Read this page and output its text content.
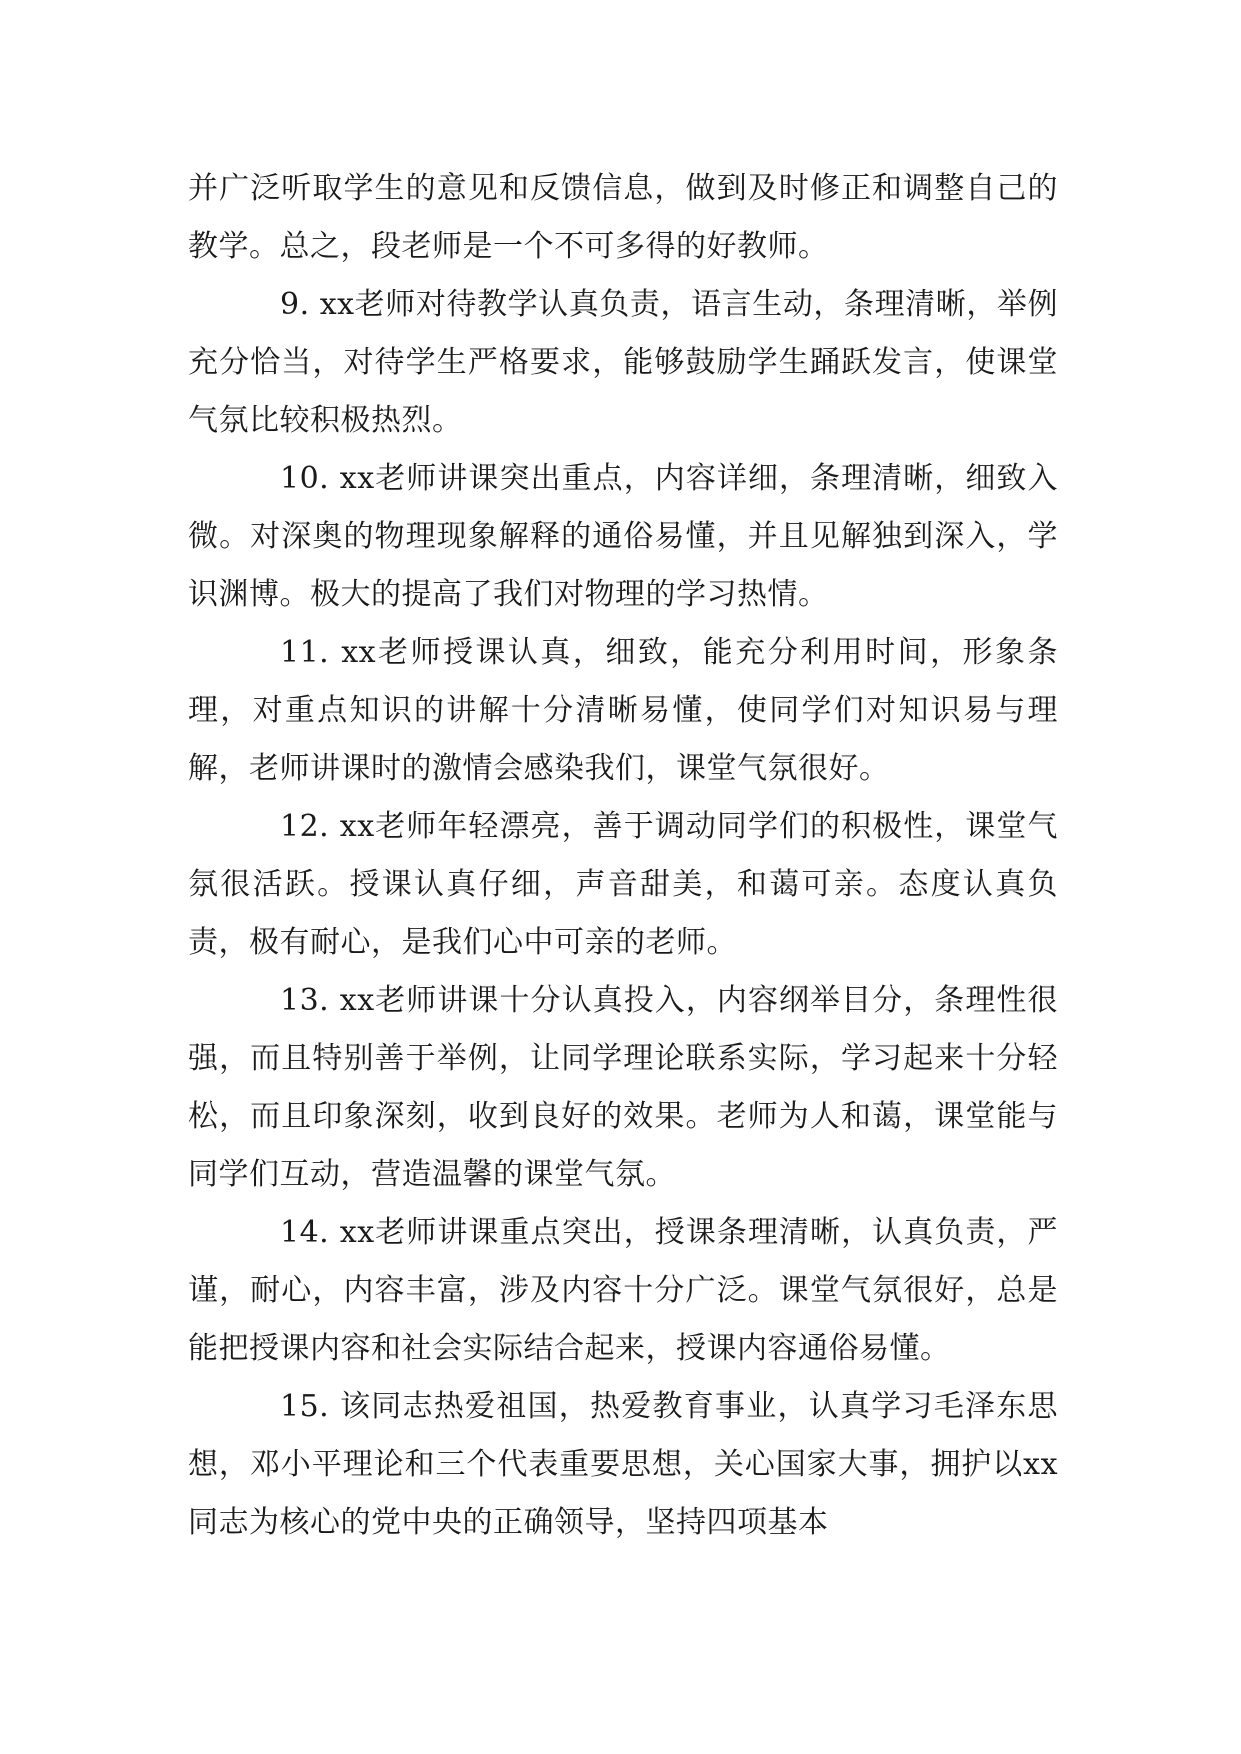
并广泛听取学生的意见和反馈信息，做到及时修正和调整自己的教学。总之，段老师是一个不可多得的好教师。

9. xx老师对待教学认真负责，语言生动，条理清晰，举例充分恰当，对待学生严格要求，能够鼓励学生踊跃发言，使课堂气氛比较积极热烈。

10. xx老师讲课突出重点，内容详细，条理清晰，细致入微。对深奥的物理现象解释的通俗易懂，并且见解独到深入，学识渊博。极大的提高了我们对物理的学习热情。

11. xx老师授课认真，细致，能充分利用时间，形象条理，对重点知识的讲解十分清晰易懂，使同学们对知识易与理解，老师讲课时的激情会感染我们，课堂气氛很好。

12. xx老师年轻漂亮，善于调动同学们的积极性，课堂气氛很活跃。授课认真仔细，声音甜美，和蔼可亲。态度认真负责，极有耐心，是我们心中可亲的老师。

13. xx老师讲课十分认真投入，内容纲举目分，条理性很强，而且特别善于举例，让同学理论联系实际，学习起来十分轻松，而且印象深刻，收到良好的效果。老师为人和蔼，课堂能与同学们互动，营造温馨的课堂气氛。

14. xx老师讲课重点突出，授课条理清晰，认真负责，严谨，耐心，内容丰富，涉及内容十分广泛。课堂气氛很好，总是能把授课内容和社会实际结合起来，授课内容通俗易懂。

15. 该同志热爱祖国，热爱教育事业，认真学习毛泽东思想，邓小平理论和三个代表重要思想，关心国家大事，拥护以xx同志为核心的党中央的正确领导，坚持四项基本
